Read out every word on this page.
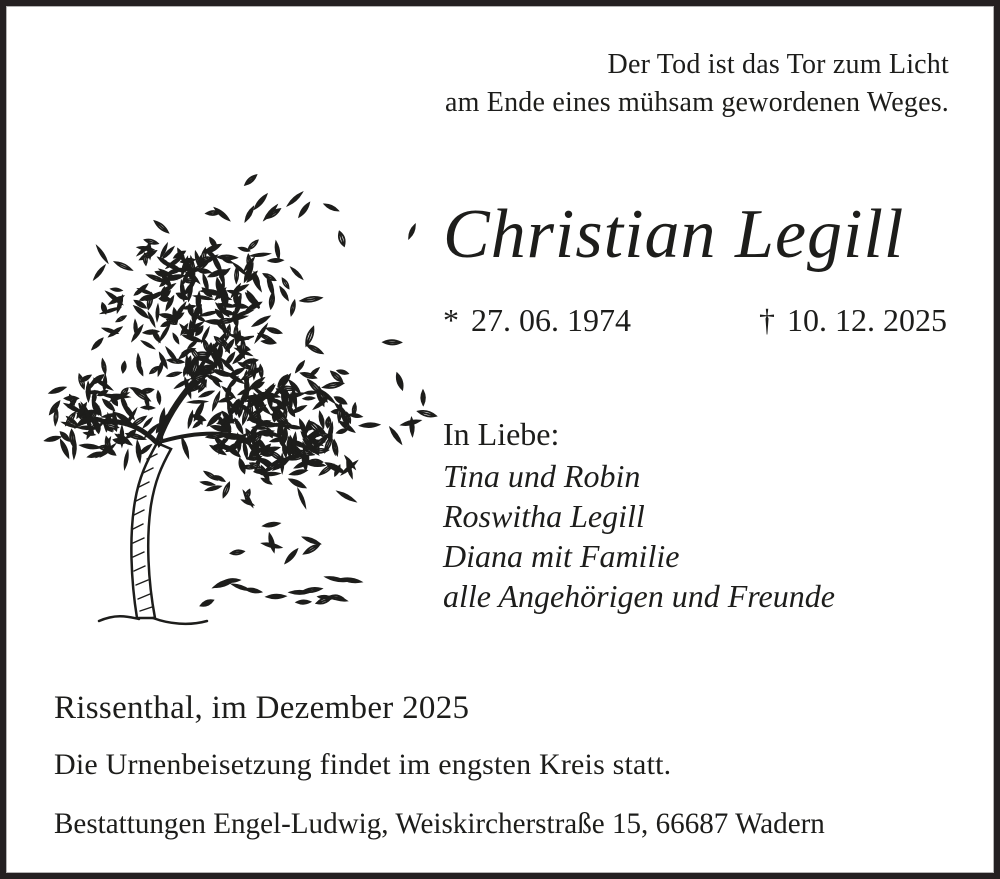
Der Tod ist das Tor zum Licht
am Ende eines mühsam gewordenen Weges.
Christian Legill
* 27. 06. 1974	† 10. 12. 2025
In Liebe:
Tina und Robin
Roswitha Legill
Diana mit Familie
alle Angehörigen und Freunde
Rissenthal, im Dezember 2025
Die Urnenbeisetzung findet im engsten Kreis statt.
Bestattungen Engel-Ludwig, Weiskircherstraße 15, 66687 Wadern
